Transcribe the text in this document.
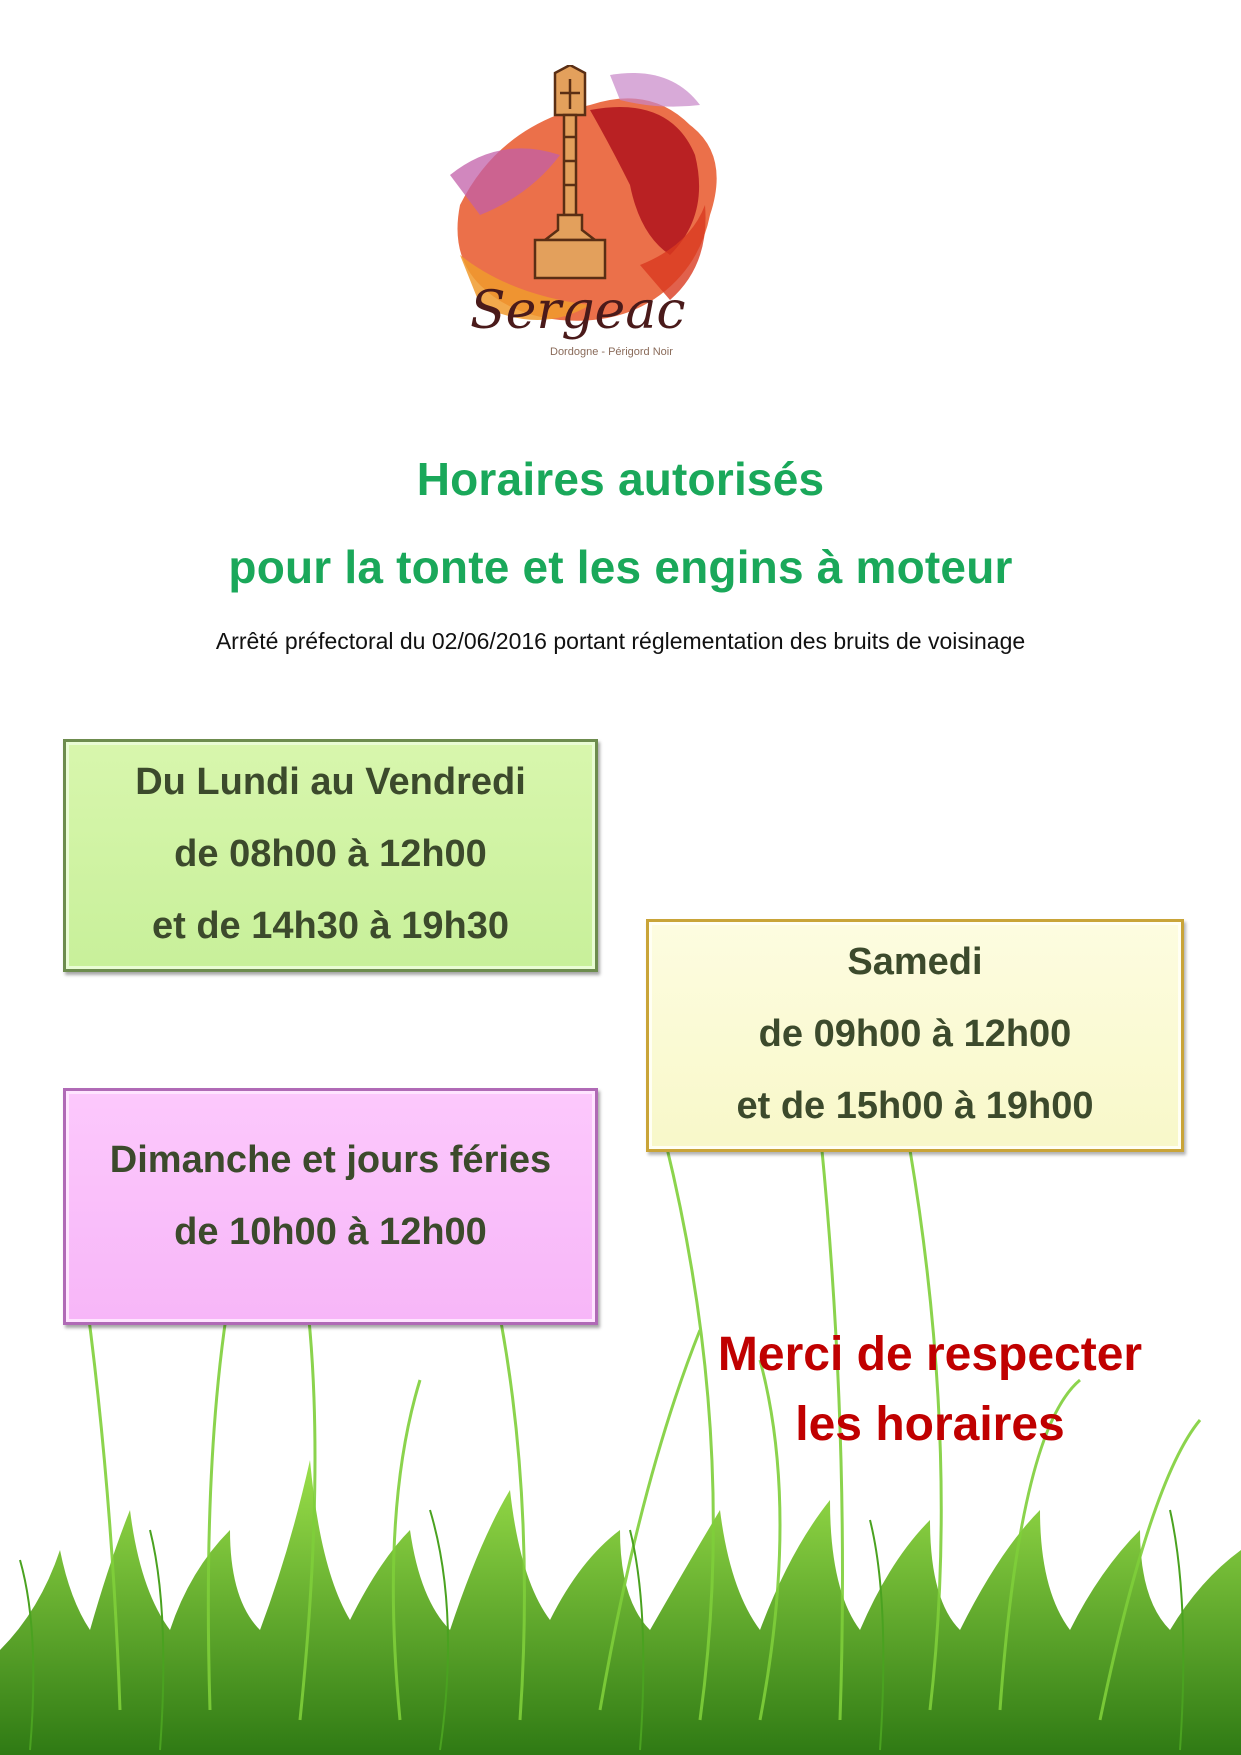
Sergeac
Dordogne - Périgord Noir
Horaires autorisés
pour la tonte et les engins à moteur
Arrêté préfectoral du 02/06/2016 portant réglementation des bruits de voisinage
Du Lundi au Vendredi
de 08h00 à 12h00
et de 14h30 à 19h30
Samedi
de 09h00 à 12h00
et de 15h00 à 19h00
Dimanche et jours féries
de 10h00 à 12h00
Merci de respecter
les horaires
